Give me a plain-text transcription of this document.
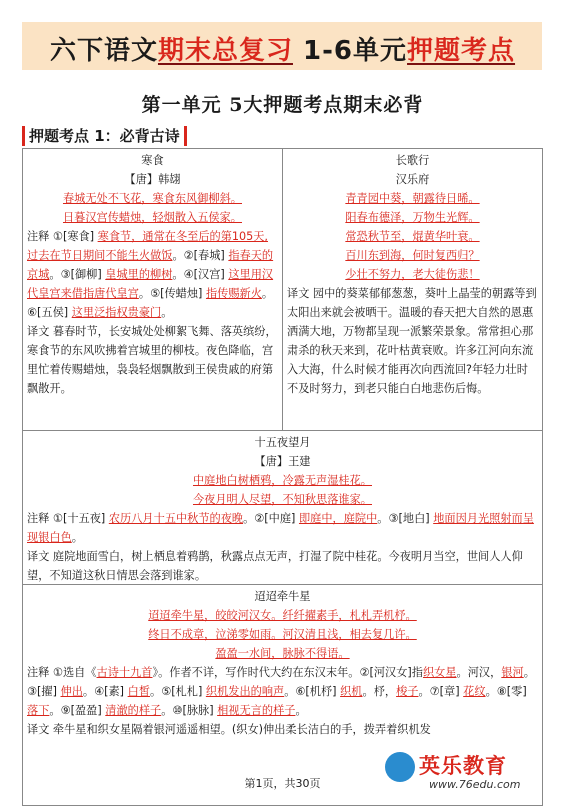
六下语文期末总复习 1-6单元押题考点
第一单元 5大押题考点期末必背
押题考点 1：必背古诗
寒食
【唐】韩翃
春城无处不飞花，寒食东风御柳斜。
日暮汉宫传蜡烛，轻烟散入五侯家。
注释 ①[寒食] 寒食节，通常在冬至后的第105天,过去在节日期间不能生火做饭。②[春城] 指春天的京城。③[御柳] 皇城里的柳树。④[汉宫] 这里用汉代皇宫来借指唐代皇宫。⑤[传蜡烛] 指传赐新火。⑥[五侯] 这里泛指权贵豪门。
译文 暮春时节，长安城处处柳絮飞舞、落英缤纷，寒食节的东风吹拂着宫城里的柳枝。夜色降临，宫里忙着传赐蜡烛，袅袅轻烟飘散到王侯贵戚的府第飘散开。
长歌行
汉乐府
青青园中葵，朝露待日晞。
阳春布德泽，万物生光辉。
常恐秋节至，焜黄华叶衰。
百川东到海，何时复西归？
少壮不努力，老大徒伤悲！
译文 园中的葵菜郁郁葱葱，葵叶上晶莹的朝露等到太阳出来就会被晒干。温暖的春天把大自然的恩惠洒满大地，万物都呈现一派繁荣景象。常常担心那肃杀的秋天来到，花叶枯黄衰败。许多江河向东流入大海，什么时候才能再次向西流回?年轻力壮时不及时努力，到老只能白白地悲伤后悔。
十五夜望月
【唐】王建
中庭地白树栖鸦，冷露无声湿桂花。
今夜月明人尽望，不知秋思落谁家。
注释 ①[十五夜] 农历八月十五中秋节的夜晚。②[中庭] 即庭中，庭院中。③[地白] 地面因月光照射而呈现银白色。
译文 庭院地面雪白，树上栖息着鸦鹊，秋露点点无声，打湿了院中桂花。今夜明月当空，世间人人仰望，不知道这秋日情思会落到谁家。
迢迢牵牛星
迢迢牵牛星，皎皎河汉女。纤纤擢素手，札札弄机杼。
终日不成章，泣涕零如雨。河汉清且浅，相去复几许。
盈盈一水间，脉脉不得语。
注释 ①选自《古诗十九首》。作者不详，写作时代大约在东汉末年。②[河汉女]指织女星。河汉，银河。③[擢] 伸出。④[素] 白皙。⑤[札札] 织机发出的响声。⑥[机杼] 织机。杼，梭子。⑦[章] 花纹。⑧[零] 落下。⑨[盈盈] 清澈的样子。⑩[脉脉] 相视无言的样子。
译文 牵牛星和织女星隔着银河遥遥相望。(织女)伸出柔长洁白的手，拨弄着织机发
第1页，共30页
英乐教育
www.76edu.com
